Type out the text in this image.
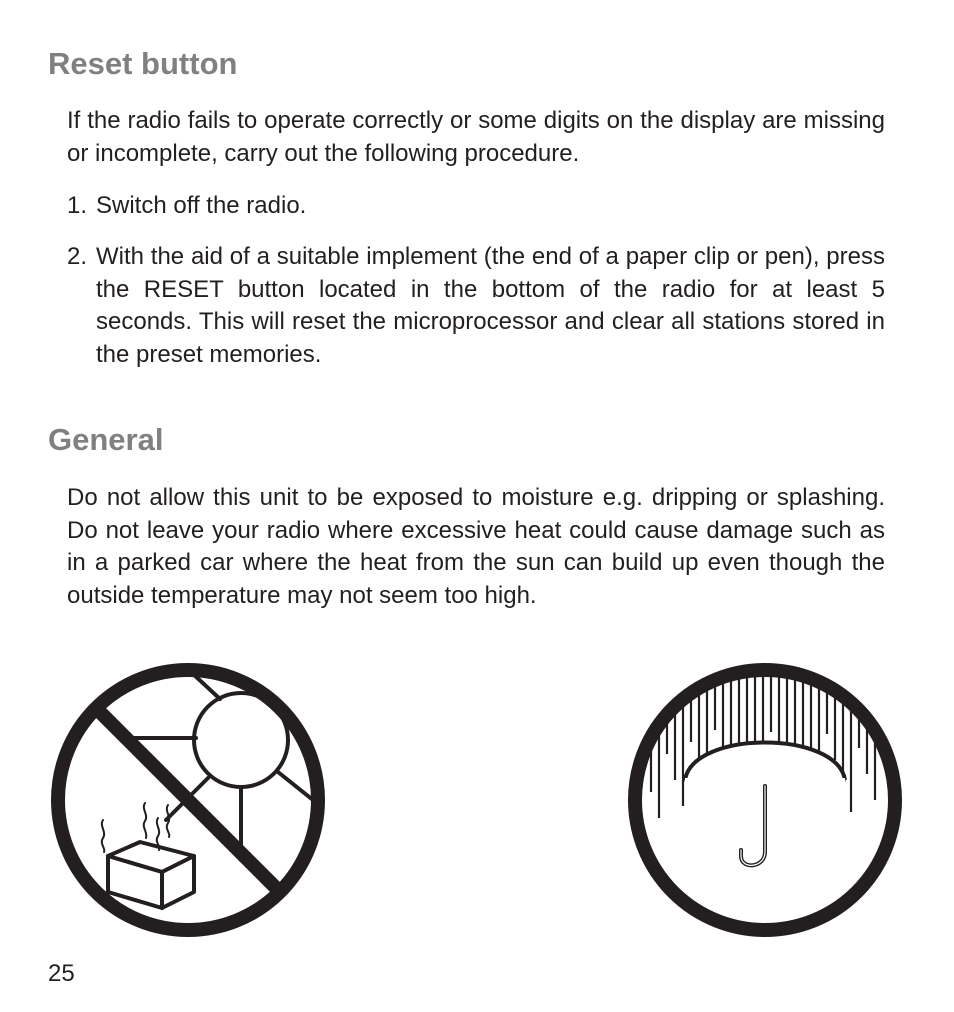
Reset button

If the radio fails to operate correctly or some digits on the display are missing or incomplete, carry out the following procedure.

1. Switch off the radio.
2. With the aid of a suitable implement (the end of a paper clip or pen), press the RESET button located in the bottom of the radio for at least 5 seconds. This will reset the microprocessor and clear all stations stored in the preset memories.
General

Do not allow this unit to be exposed to moisture e.g. dripping or splashing. Do not leave your radio where excessive heat could cause damage such as in a parked car where the heat from the sun can build up even though the outside temperature may not seem too high.

25
